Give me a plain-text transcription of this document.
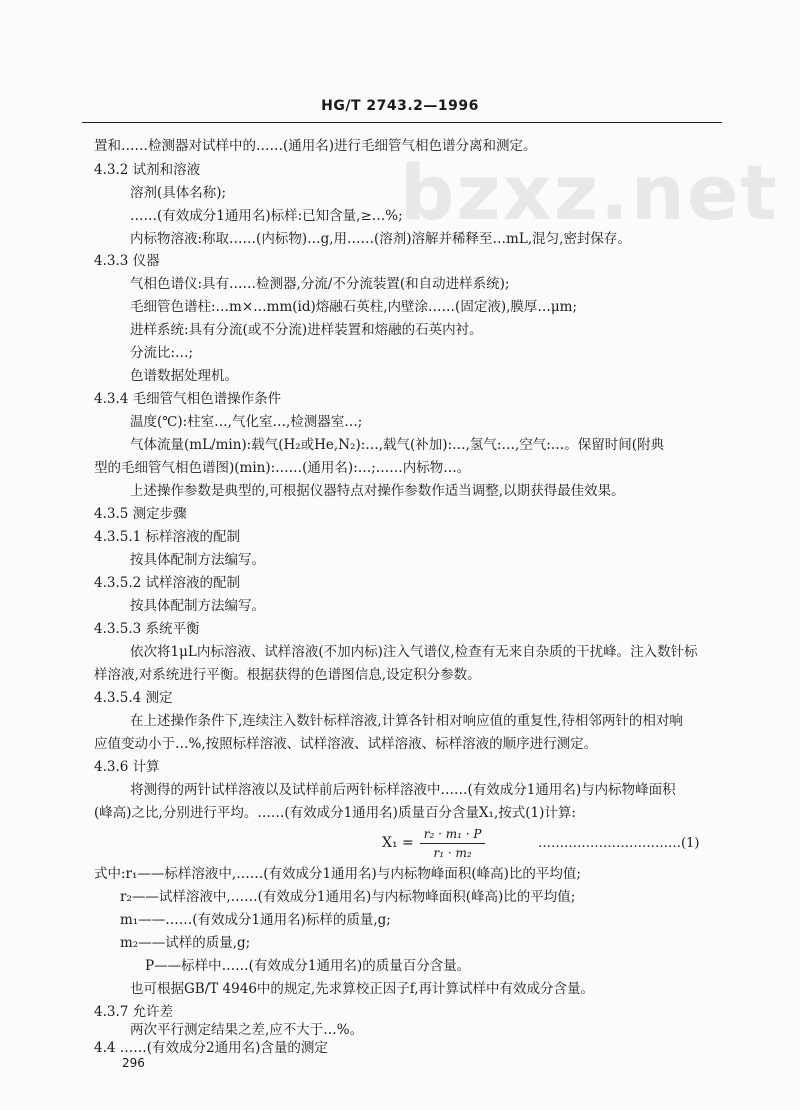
HG/T 2743.2—1996
bzxz.net
置和……检测器对试样中的……(通用名)进行毛细管气相色谱分离和测定。
4.3.2 试剂和溶液
溶剂(具体名称);
……(有效成分1通用名)标样:已知含量,≥…%;
内标物溶液:称取……(内标物)…g,用……(溶剂)溶解并稀释至…mL,混匀,密封保存。
4.3.3 仪器
气相色谱仪:具有……检测器,分流/不分流装置(和自动进样系统);
毛细管色谱柱:…m×…mm(id)熔融石英柱,内壁涂……(固定液),膜厚…μm;
进样系统:具有分流(或不分流)进样装置和熔融的石英内衬。
分流比:…;
色谱数据处理机。
4.3.4 毛细管气相色谱操作条件
温度(℃):柱室…,气化室…,检测器室…;
气体流量(mL/min):载气(H₂或He,N₂):…,载气(补加):…,氢气:…,空气:…。保留时间(附典
型的毛细管气相色谱图)(min):……(通用名):…;……内标物…。
上述操作参数是典型的,可根据仪器特点对操作参数作适当调整,以期获得最佳效果。
4.3.5 测定步骤
4.3.5.1 标样溶液的配制
按具体配制方法编写。
4.3.5.2 试样溶液的配制
按具体配制方法编写。
4.3.5.3 系统平衡
依次将1μL内标溶液、试样溶液(不加内标)注入气谱仪,检查有无来自杂质的干扰峰。注入数针标
样溶液,对系统进行平衡。根据获得的色谱图信息,设定积分参数。
4.3.5.4 测定
在上述操作条件下,连续注入数针标样溶液,计算各针相对响应值的重复性,待相邻两针的相对响
应值变动小于…%,按照标样溶液、试样溶液、试样溶液、标样溶液的顺序进行测定。
4.3.6 计算
将测得的两针试样溶液以及试样前后两针标样溶液中……(有效成分1通用名)与内标物峰面积
(峰高)之比,分别进行平均。……(有效成分1通用名)质量百分含量X₁,按式(1)计算:
$X_1 = \frac{\text{r₂ · m₁ · P}}{\text{r₁ · m₂}}$	……………………………(1)
式中:r₁——标样溶液中,……(有效成分1通用名)与内标物峰面积(峰高)比的平均值;
r₂——试样溶液中,……(有效成分1通用名)与内标物峰面积(峰高)比的平均值;
m₁——……(有效成分1通用名)标样的质量,g;
m₂——试样的质量,g;
P——标样中……(有效成分1通用名)的质量百分含量。
也可根据GB/T 4946中的规定,先求算校正因子f,再计算试样中有效成分含量。
4.3.7 允许差
两次平行测定结果之差,应不大于…%。
4.4 ……(有效成分2通用名)含量的测定
296
